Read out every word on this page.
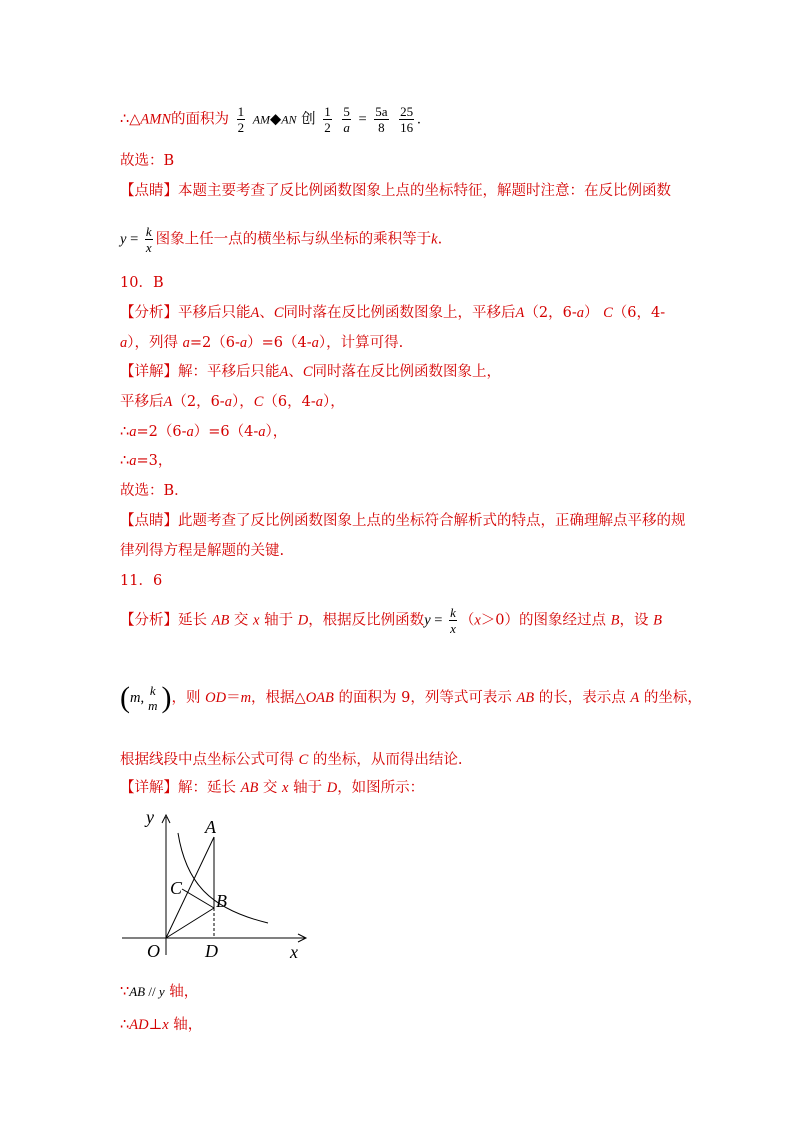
∴△AMN的面积为 $\frac{1}{2}$ AM◆AN 创 $\frac{1}{2}$
$\frac{5}{a} = \frac{5a}{8}$
$\frac{25}{16}$ .
故选：B
【点睛】本题主要考查了反比例函数图象上点的坐标特征，解题时注意：在反比例函数
$y = \frac{k}{x}$ 图象上任一点的横坐标与纵坐标的乘积等于k.
10．B
【分析】平移后只能A、C同时落在反比例函数图象上，平移后A（2，6-a） C（6，4-
a），列得 a=2（6-a）=6（4-a），计算可得.
【详解】解：平移后只能A、C同时落在反比例函数图象上，
平移后A（2，6-a），C（6，4-a），
∴a=2（6-a）=6（4-a），
∴a=3，
故选：B．
【点睛】此题考查了反比例函数图象上点的坐标符合解析式的特点，正确理解点平移的规
律列得方程是解题的关键.
11．6
【分析】延长 AB 交 x 轴于 D，根据反比例函数$y = \frac{k}{x} (x>0)$的图象经过点 B，设 B
(m, k
m )，则 OD＝m，根据△OAB 的面积为 9，列等式可表示 AB 的长，表示点 A 的坐标，
根据线段中点坐标公式可得 C 的坐标，从而得出结论.
【详解】解：延长 AB 交 x 轴于 D，如图所示：
y
x
A
B
C
O	D
∵AB // y 轴，
∴AD⊥x 轴，
